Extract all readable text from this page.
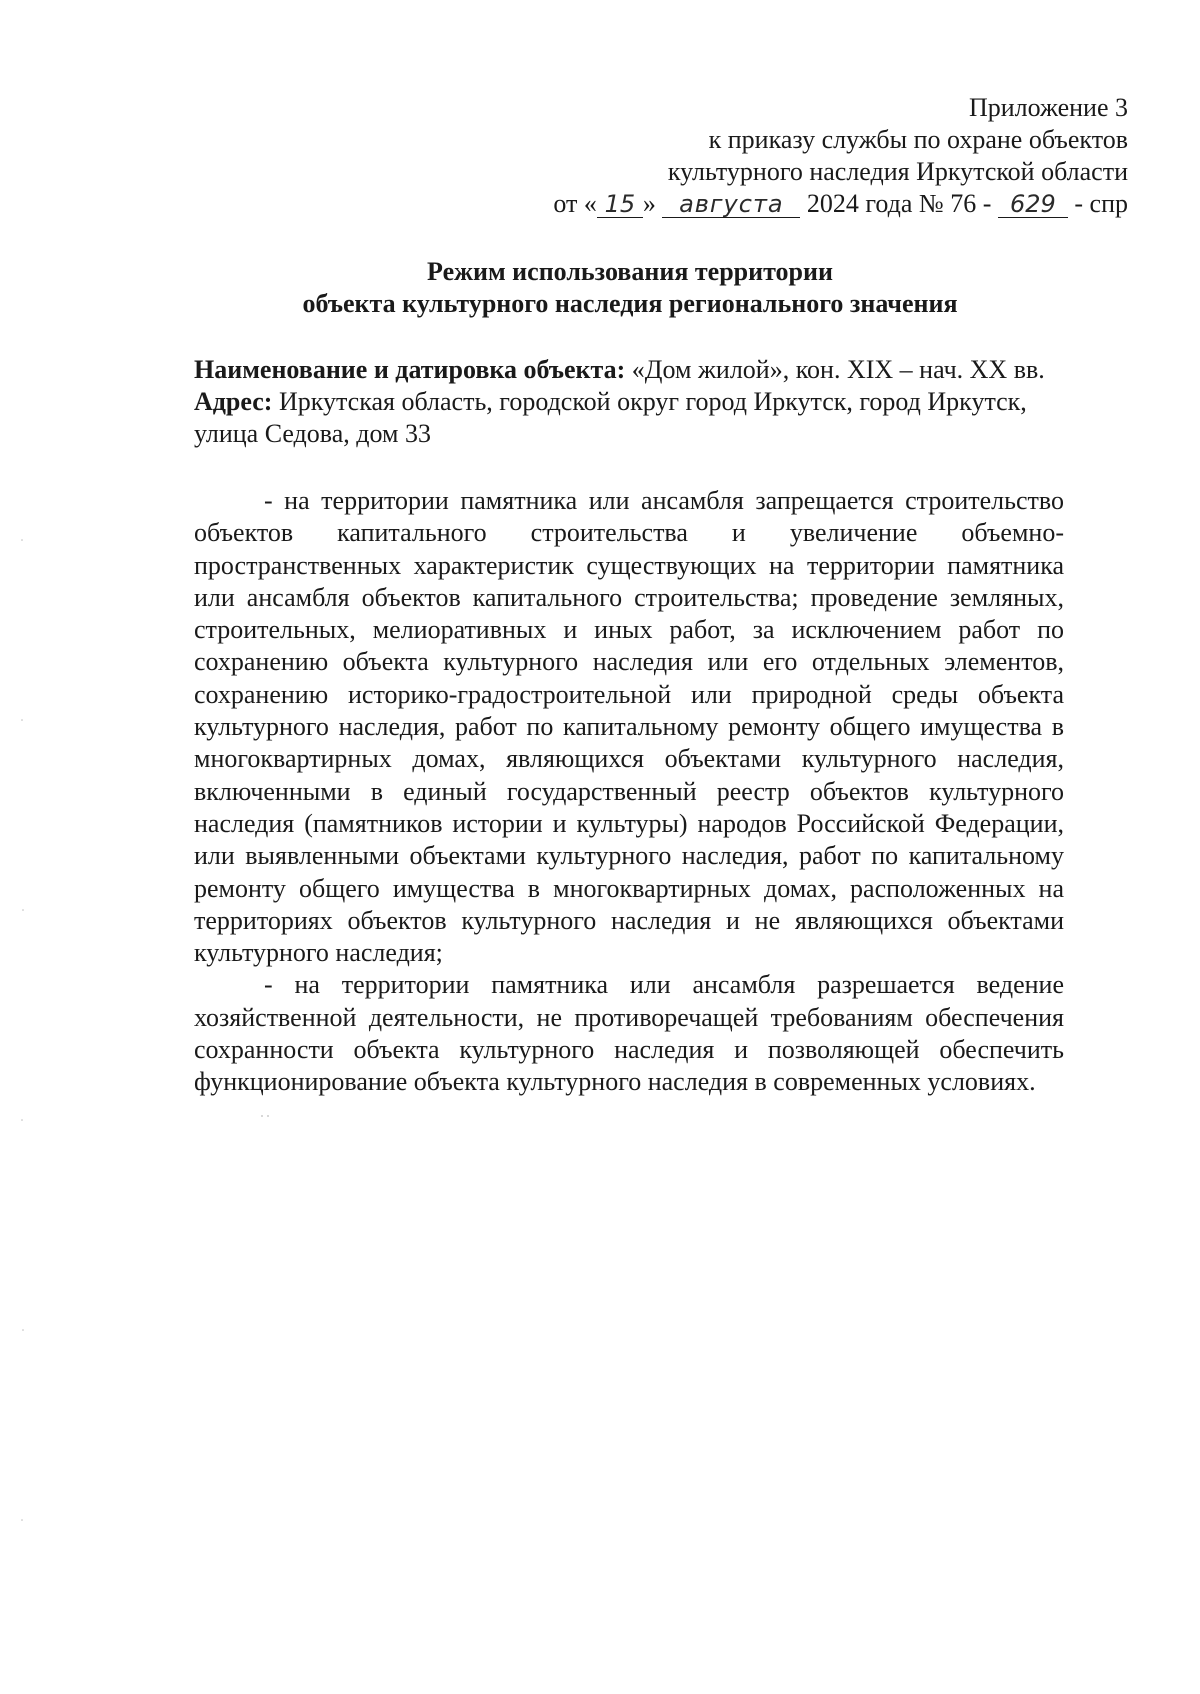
Приложение 3
к приказу службы по охране объектов
культурного наследия Иркутской области
от « 15 » августа 2024 года № 76 - 629 - спр
Режим использования территории
объекта культурного наследия регионального значения
Наименование и датировка объекта: «Дом жилой», кон. XIX – нач. XX вв.
Адрес: Иркутская область, городской округ город Иркутск, город Иркутск, улица Седова, дом 33

- на территории памятника или ансамбля запрещается строительство объектов капитального строительства и увеличение объемно-пространственных характеристик существующих на территории памятника или ансамбля объектов капитального строительства; проведение земляных, строительных, мелиоративных и иных работ, за исключением работ по сохранению объекта культурного наследия или его отдельных элементов, сохранению историко-градостроительной или природной среды объекта культурного наследия, работ по капитальному ремонту общего имущества в многоквартирных домах, являющихся объектами культурного наследия, включенными в единый государственный реестр объектов культурного наследия (памятников истории и культуры) народов Российской Федерации, или выявленными объектами культурного наследия, работ по капитальному ремонту общего имущества в многоквартирных домах, расположенных на территориях объектов культурного наследия и не являющихся объектами культурного наследия;

- на территории памятника или ансамбля разрешается ведение хозяйственной деятельности, не противоречащей требованиям обеспечения сохранности объекта культурного наследия и позволяющей обеспечить функционирование объекта культурного наследия в современных условиях.
